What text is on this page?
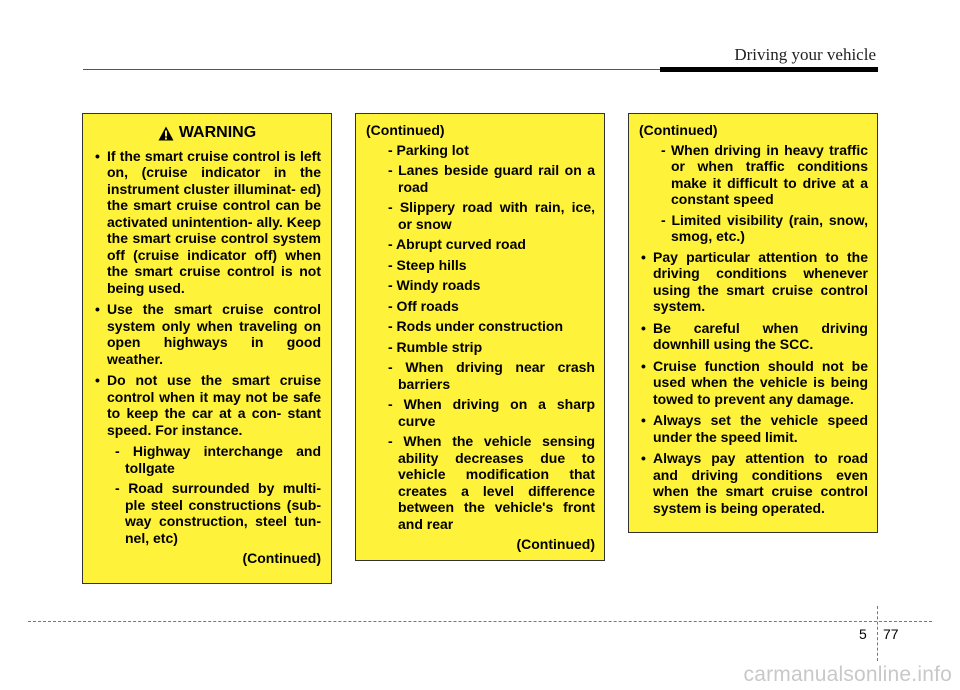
Driving your vehicle
WARNING
• If the smart cruise control is left on, (cruise indicator in the instrument cluster illuminat- ed) the smart cruise control can be activated unintention- ally. Keep the smart cruise control system off (cruise indicator off) when the smart cruise control is not being used.
• Use the smart cruise control system only when traveling on open highways in good weather.
• Do not use the smart cruise control when it may not be safe to keep the car at a con- stant speed. For instance.
- Highway interchange and tollgate
- Road surrounded by multi- ple steel constructions (sub- way construction, steel tun- nel, etc)
(Continued)
(Continued)
- Parking lot
- Lanes beside guard rail on a road
- Slippery road with rain, ice, or snow
- Abrupt curved road
- Steep hills
- Windy roads
- Off roads
- Rods under construction
- Rumble strip
- When driving near crash barriers
- When driving on a sharp curve
- When the vehicle sensing ability decreases due to vehicle modification that creates a level difference between the vehicle's front and rear
(Continued)
(Continued)
- When driving in heavy traffic or when traffic conditions make it difficult to drive at a constant speed
- Limited visibility (rain, snow, smog, etc.)
• Pay particular attention to the driving conditions whenever using the smart cruise control system.
• Be careful when driving downhill using the SCC.
• Cruise function should not be used when the vehicle is being towed to prevent any damage.
• Always set the vehicle speed under the speed limit.
• Always pay attention to road and driving conditions even when the smart cruise control system is being operated.
5 77
carmanualsonline.info
